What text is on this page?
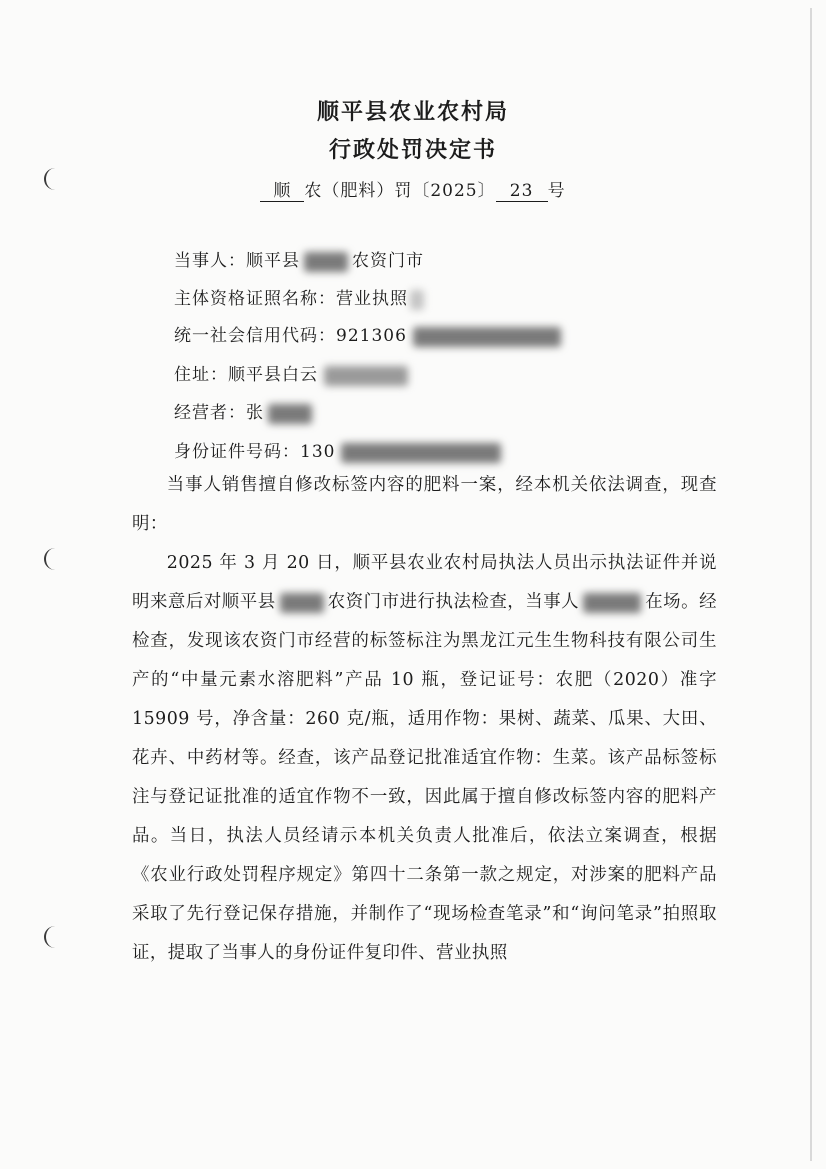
顺平县农业农村局
行政处罚决定书
顺 农（肥料）罚〔2025〕 23 号
当事人：顺平县	农资门市
主体资格证照名称：营业执照
统一社会信用代码：921306
住址：顺平县白云
经营者：张
身份证件号码：130

当事人销售擅自修改标签内容的肥料一案，经本机关依法调查，现查明：

2025 年 3 月 20 日，顺平县农业农村局执法人员出示执法证件并说明来意后对顺平县	农资门市进行执法检查，当事人	在场。经检查，发现该农资门市经营的标签标注为黑龙江元生生物科技有限公司生产的“中量元素水溶肥料”产品 10 瓶，登记证号：农肥（2020）准字 15909 号，净含量：260 克/瓶，适用作物：果树、蔬菜、瓜果、大田、花卉、中药材等。经查，该产品登记批准适宜作物：生菜。该产品标签标注与登记证批准的适宜作物不一致，因此属于擅自修改标签内容的肥料产品。当日，执法人员经请示本机关负责人批准后，依法立案调查，根据《农业行政处罚程序规定》第四十二条第一款之规定，对涉案的肥料产品采取了先行登记保存措施，并制作了“现场检查笔录”和“询问笔录”拍照取证，提取了当事人的身份证件复印件、营业执照
